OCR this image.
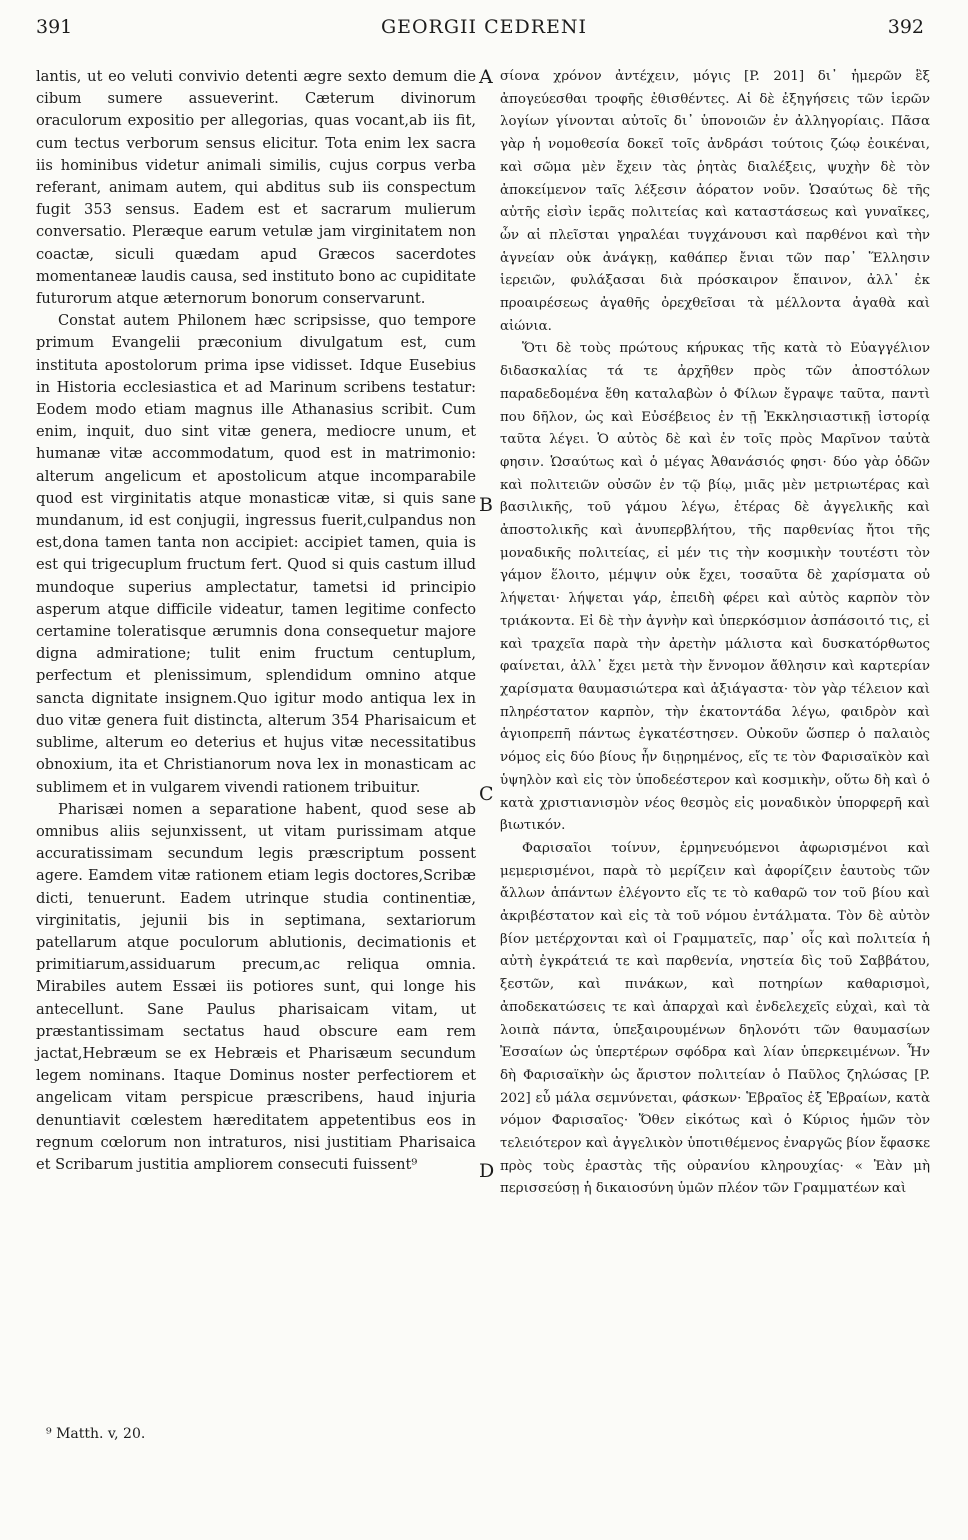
391	GEORGII CEDRENI	392

lantis, ut eo veluti convivio detenti ægre sexto demum die cibum sumere assueverint. Cæterum divinorum oraculorum expositio per allegorias, quas vocant,ab iis fit, cum tectus verborum sensus elicitur. Tota enim lex sacra iis hominibus videtur animali similis, cujus corpus verba referant, animam autem, qui abditus sub iis conspectum fugit 353 sensus. Eadem est et sacrarum mulierum conversatio. Pleræque earum vetulæ jam virginitatem non coactæ, siculi quædam apud Græcos sacerdotes momentaneæ laudis causa, sed instituto bono ac cupiditate futurorum atque æternorum bonorum conservarunt.

Constat autem Philonem hæc scripsisse, quo tempore primum Evangelii præconium divulgatum est, cum instituta apostolorum prima ipse vidisset. Idque Eusebius in Historia ecclesiastica et ad Marinum scribens testatur: Eodem modo etiam magnus ille Athanasius scribit. Cum enim, inquit, duo sint vitæ genera, mediocre unum, et humanæ vitæ accommodatum, quod est in matrimonio: alterum angelicum et apostolicum atque incomparabile quod est virginitatis atque monasticæ vitæ, si quis sane mundanum, id est conjugii, ingressus fuerit,culpandus non est,dona tamen tanta non accipiet: accipiet tamen, quia is est qui trigecuplum fructum fert. Quod si quis castum illud mundoque superius amplectatur, tametsi id principio asperum atque difficile videatur, tamen legitime confecto certamine toleratisque ærumnis dona consequetur majore digna admiratione; tulit enim fructum centuplum, perfectum et plenissimum, splendidum omnino atque sancta dignitate insignem.Quo igitur modo antiqua lex in duo vitæ genera fuit distincta, alterum 354 Pharisaicum et sublime, alterum eo deterius et hujus vitæ necessitatibus obnoxium, ita et Christianorum nova lex in monasticam ac sublimem et in vulgarem vivendi rationem tribuitur.

Pharisæi nomen a separatione habent, quod sese ab omnibus aliis sejunxissent, ut vitam purissimam atque accuratissimam secundum legis præscriptum possent agere. Eamdem vitæ rationem etiam legis doctores,Scribæ dicti, tenuerunt. Eadem utrinque studia continentiæ, virginitatis, jejunii bis in septimana, sextariorum patellarum atque poculorum ablutionis, decimationis et primitiarum,assiduarum precum,ac reliqua omnia. Mirabiles autem Essæi iis potiores sunt, qui longe his antecellunt. Sane Paulus pharisaicam vitam, ut præstantissimam sectatus haud obscure eam rem jactat,Hebræum se ex Hebræis et Pharisæum secundum legem nominans. Itaque Dominus noster perfectiorem et angelicam vitam perspicue præscribens, haud injuria denuntiavit cœlestem hæreditatem appetentibus eos in regnum cœlorum non intraturos, nisi justitiam Pharisaica et Scribarum justitia ampliorem consecuti fuissent⁹

A
B
C
D

σίονα χρόνον ἀντέχειν, μόγις [P. 201] δι᾽ ἡμερῶν ἓξ ἀπογεύεσθαι τροφῆς ἐθισθέντες. Αἱ δὲ ἐξηγήσεις τῶν ἱερῶν λογίων γίνονται αὐτοῖς δι᾽ ὑπονοιῶν ἐν ἀλληγορίαις. Πᾶσα γὰρ ἡ νομοθεσία δοκεῖ τοῖς ἀνδράσι τούτοις ζώῳ ἐοικέναι, καὶ σῶμα μὲν ἔχειν τὰς ῥητὰς διαλέξεις, ψυχὴν δὲ τὸν ἀποκείμενον ταῖς λέξεσιν ἀόρατον νοῦν. Ὡσαύτως δὲ τῆς αὐτῆς εἰσὶν ἱερᾶς πολιτείας καὶ καταστάσεως καὶ γυναῖκες, ὧν αἱ πλεῖσται γηραλέαι τυγχάνουσι καὶ παρθένοι καὶ τὴν ἁγνείαν οὐκ ἀνάγκῃ, καθάπερ ἔνιαι τῶν παρ᾽ Ἕλλησιν ἱερειῶν, φυλάξασαι διὰ πρόσκαιρον ἔπαινον, ἀλλ᾽ ἐκ προαιρέσεως ἀγαθῆς ὀρεχθεῖσαι τὰ μέλλοντα ἀγαθὰ καὶ αἰώνια.

Ὅτι δὲ τοὺς πρώτους κήρυκας τῆς κατὰ τὸ Εὐαγγέλιον διδασκαλίας τά τε ἀρχῆθεν πρὸς τῶν ἀποστόλων παραδεδομένα ἔθη καταλαβὼν ὁ Φίλων ἔγραψε ταῦτα, παντὶ που δῆλον, ὡς καὶ Εὐσέβειος ἐν τῇ Ἐκκλησιαστικῇ ἱστορίᾳ ταῦτα λέγει. Ὁ αὐτὸς δὲ καὶ ἐν τοῖς πρὸς Μαρῖνον ταὐτὰ φησιν. Ὡσαύτως καὶ ὁ μέγας Ἀθανάσιός φησι· δύο γὰρ ὁδῶν καὶ πολιτειῶν οὐσῶν ἐν τῷ βίῳ, μιᾶς μὲν μετριωτέρας καὶ βασιλικῆς, τοῦ γάμου λέγω, ἑτέρας δὲ ἀγγελικῆς καὶ ἀποστολικῆς καὶ ἀνυπερβλήτου, τῆς παρθενίας ἤτοι τῆς μοναδικῆς πολιτείας, εἰ μέν τις τὴν κοσμικὴν τουτέστι τὸν γάμον ἕλοιτο, μέμψιν οὐκ ἔχει, τοσαῦτα δὲ χαρίσματα οὐ λήψεται· λήψεται γάρ, ἐπειδὴ φέρει καὶ αὐτὸς καρπὸν τὸν τριάκοντα. Εἰ δὲ τὴν ἁγνὴν καὶ ὑπερκόσμιον ἀσπάσοιτό τις, εἰ καὶ τραχεῖα παρὰ τὴν ἀρετὴν μάλιστα καὶ δυσκατόρθωτος φαίνεται, ἀλλ᾽ ἔχει μετὰ τὴν ἔννομον ἄθλησιν καὶ καρτερίαν χαρίσματα θαυμασιώτερα καὶ ἀξιάγαστα· τὸν γὰρ τέλειον καὶ πληρέστατον καρπὸν, τὴν ἑκατοντάδα λέγω, φαιδρὸν καὶ ἁγιοπρεπῆ πάντως ἐγκατέστησεν. Οὐκοῦν ὥσπερ ὁ παλαιὸς νόμος εἰς δύο βίους ἦν διῃρημένος, εἴς τε τὸν Φαρισαϊκὸν καὶ ὑψηλὸν καὶ εἰς τὸν ὑποδεέστερον καὶ κοσμικὴν, οὕτω δὴ καὶ ὁ κατὰ χριστιανισμὸν νέος θεσμὸς εἰς μοναδικὸν ὑπορφερῆ καὶ βιωτικόν.

Φαρισαῖοι τοίνυν, ἑρμηνευόμενοι ἀφωρισμένοι καὶ μεμερισμένοι, παρὰ τὸ μερίζειν καὶ ἀφορίζειν ἑαυτοὺς τῶν ἄλλων ἁπάντων ἐλέγοντο εἴς τε τὸ καθαρῶ τον τοῦ βίου καὶ ἀκριβέστατον καὶ εἰς τὰ τοῦ νόμου ἐντάλματα. Τὸν δὲ αὐτὸν βίον μετέρχονται καὶ οἱ Γραμματεῖς, παρ᾽ οἷς καὶ πολιτεία ἡ αὐτὴ ἐγκράτειά τε καὶ παρθενία, νηστεία δὶς τοῦ Σαββάτου, ξεστῶν, καὶ πινάκων, καὶ ποτηρίων καθαρισμοὶ, ἀποδεκατώσεις τε καὶ ἀπαρχαὶ καὶ ἐνδελεχεῖς εὐχαὶ, καὶ τὰ λοιπὰ πάντα, ὑπεξαιρουμένων δηλονότι τῶν θαυμασίων Ἐσσαίων ὡς ὑπερτέρων σφόδρα καὶ λίαν ὑπερκειμένων. Ἦν δὴ Φαρισαϊκὴν ὡς ἄριστον πολιτείαν ὁ Παῦλος ζηλώσας [P. 202] εὖ μάλα σεμνύνεται, φάσκων· Ἑβραῖος ἐξ Ἑβραίων, κατὰ νόμον Φαρισαῖος· Ὅθεν εἰκότως καὶ ὁ Κύριος ἡμῶν τὸν τελειότερον καὶ ἀγγελικὸν ὑποτιθέμενος ἐναργῶς βίον ἔφασκε πρὸς τοὺς ἐραστὰς τῆς οὐρανίου κληρουχίας· « Ἐὰν μὴ περισσεύσῃ ἡ δικαιοσύνη ὑμῶν πλέον τῶν Γραμματέων καὶ

⁹ Matth. v, 20.
